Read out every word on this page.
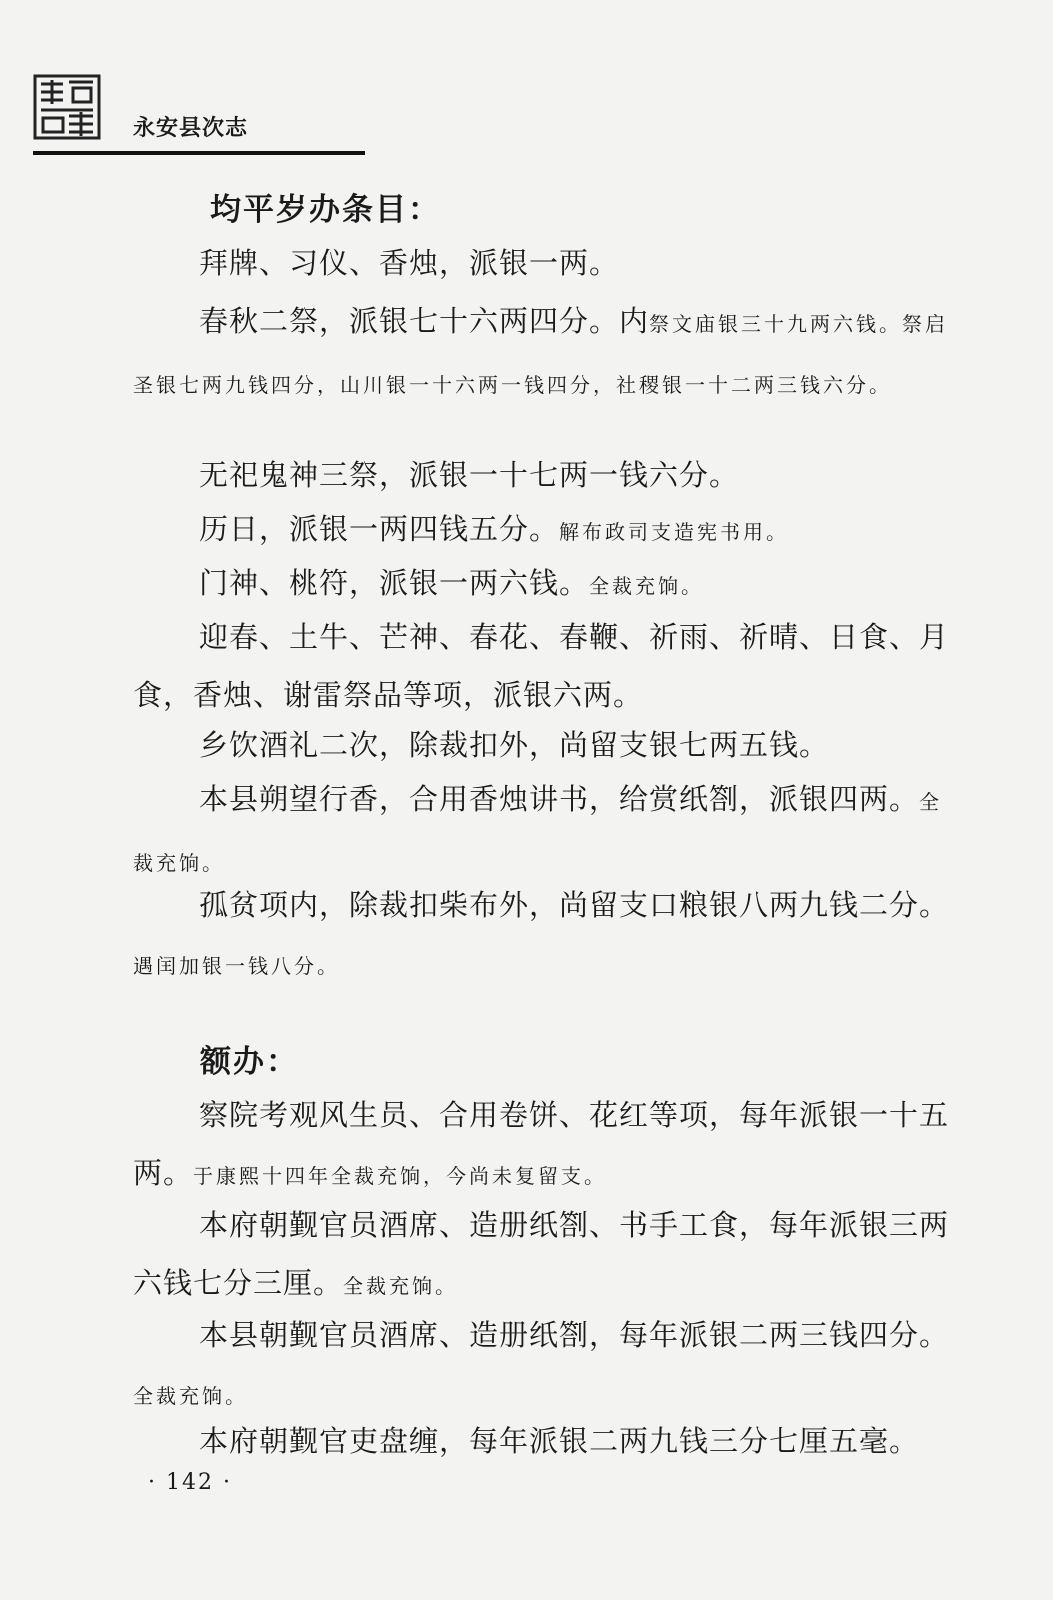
永安县次志
均平岁办条目：

拜牌、习仪、香烛，派银一两。

春秋二祭，派银七十六两四分。内祭文庙银三十九两六钱。祭启圣银七两九钱四分，山川银一十六两一钱四分，社稷银一十二两三钱六分。

无祀鬼神三祭，派银一十七两一钱六分。

历日，派银一两四钱五分。解布政司支造宪书用。

门神、桃符，派银一两六钱。全裁充饷。

迎春、土牛、芒神、春花、春鞭、祈雨、祈晴、日食、月食，香烛、谢雷祭品等项，派银六两。

乡饮酒礼二次，除裁扣外，尚留支银七两五钱。

本县朔望行香，合用香烛讲书，给赏纸劄，派银四两。全裁充饷。

孤贫项内，除裁扣柴布外，尚留支口粮银八两九钱二分。遇闰加银一钱八分。

额办：

察院考观风生员、合用卷饼、花红等项，每年派银一十五两。于康熙十四年全裁充饷，今尚未复留支。

本府朝觐官员酒席、造册纸劄、书手工食，每年派银三两六钱七分三厘。全裁充饷。

本县朝觐官员酒席、造册纸劄，每年派银二两三钱四分。全裁充饷。

本府朝觐官吏盘缠，每年派银二两九钱三分七厘五毫。

· 142 ·
